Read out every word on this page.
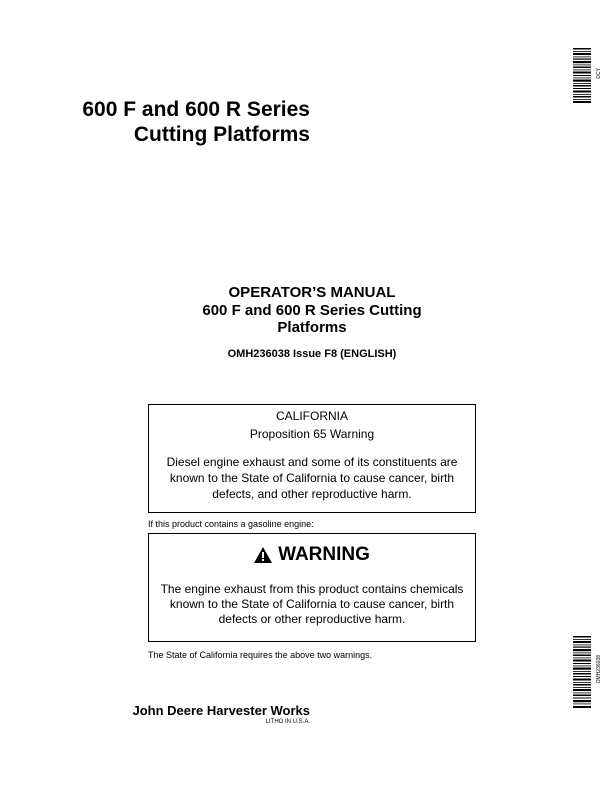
600 F and 600 R Series
Cutting Platforms
OPERATOR’S MANUAL
600 F and 600 R Series Cutting
Platforms
OMH236038 Issue F8 (ENGLISH)
CALIFORNIA
Proposition 65 Warning
Diesel engine exhaust and some of its constituents are known to the State of California to cause cancer, birth defects, and other reproductive harm.
If this product contains a gasoline engine:
WARNING
The engine exhaust from this product contains chemicals known to the State of California to cause cancer, birth defects or other reproductive harm.
The State of California requires the above two warnings.
John Deere Harvester Works
LITHO IN U.S.A.
DCY
OMH236038
